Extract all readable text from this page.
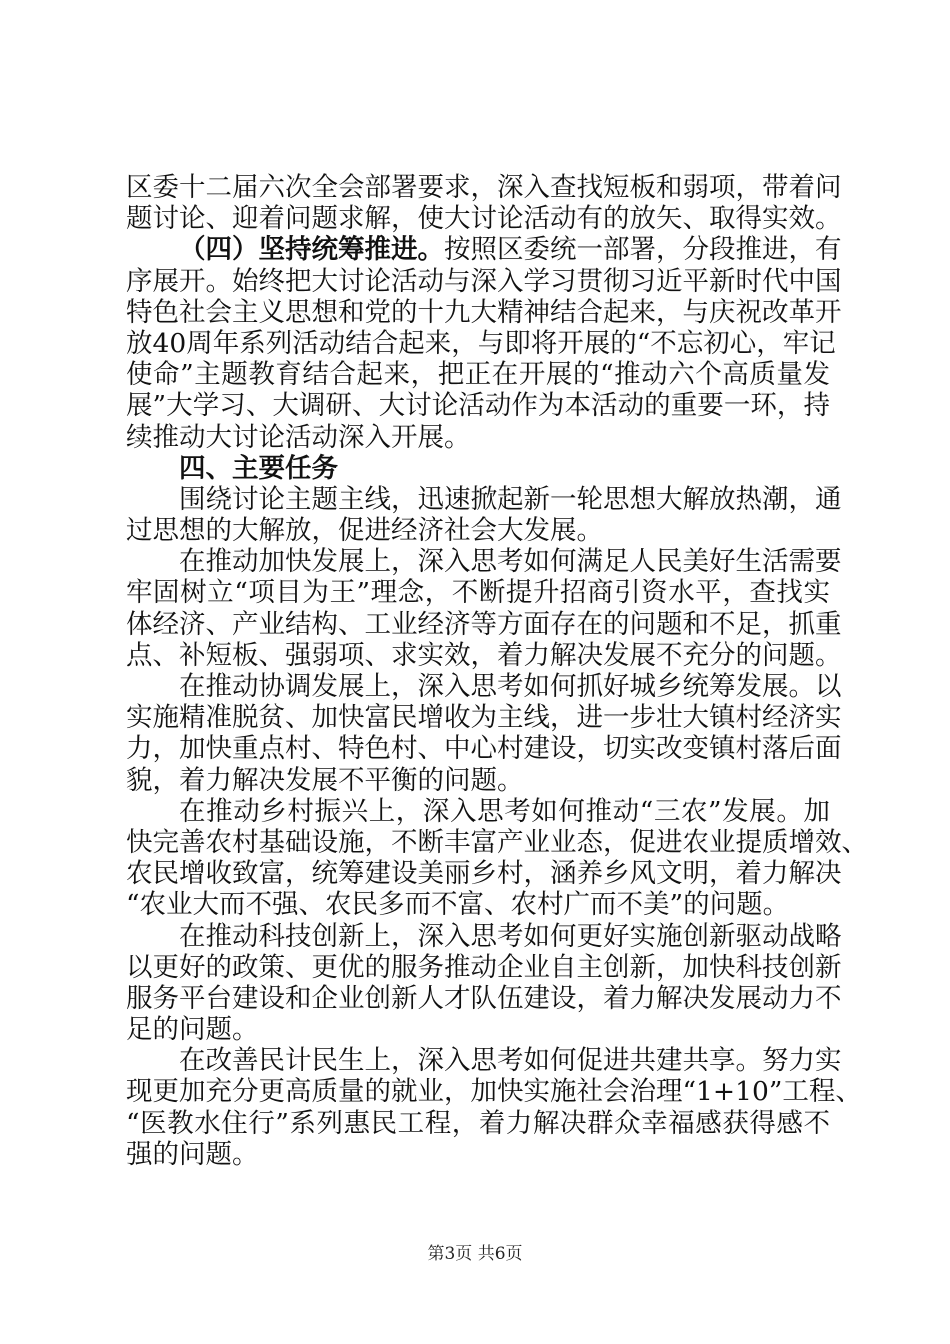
区委十二届六次全会部署要求，深入查找短板和弱项，带着问
题讨论、迎着问题求解，使大讨论活动有的放矢、取得实效。
（四）坚持统筹推进。按照区委统一部署，分段推进，有
序展开。始终把大讨论活动与深入学习贯彻习近平新时代中国
特色社会主义思想和党的十九大精神结合起来，与庆祝改革开
放40周年系列活动结合起来，与即将开展的“不忘初心，牢记
使命”主题教育结合起来，把正在开展的“推动六个高质量发
展”大学习、大调研、大讨论活动作为本活动的重要一环，持
续推动大讨论活动深入开展。
四、主要任务
围绕讨论主题主线，迅速掀起新一轮思想大解放热潮，通
过思想的大解放，促进经济社会大发展。
在推动加快发展上，深入思考如何满足人民美好生活需要
牢固树立“项目为王”理念，不断提升招商引资水平，查找实
体经济、产业结构、工业经济等方面存在的问题和不足，抓重
点、补短板、强弱项、求实效，着力解决发展不充分的问题。
在推动协调发展上，深入思考如何抓好城乡统筹发展。以
实施精准脱贫、加快富民增收为主线，进一步壮大镇村经济实
力，加快重点村、特色村、中心村建设，切实改变镇村落后面
貌，着力解决发展不平衡的问题。
在推动乡村振兴上，深入思考如何推动“三农”发展。加
快完善农村基础设施，不断丰富产业业态，促进农业提质增效、
农民增收致富，统筹建设美丽乡村，涵养乡风文明，着力解决
“农业大而不强、农民多而不富、农村广而不美”的问题。
在推动科技创新上，深入思考如何更好实施创新驱动战略
以更好的政策、更优的服务推动企业自主创新，加快科技创新
服务平台建设和企业创新人才队伍建设，着力解决发展动力不
足的问题。
在改善民计民生上，深入思考如何促进共建共享。努力实
现更加充分更高质量的就业，加快实施社会治理“1+10”工程、
“医教水住行”系列惠民工程，着力解决群众幸福感获得感不
强的问题。
第3页 共6页
